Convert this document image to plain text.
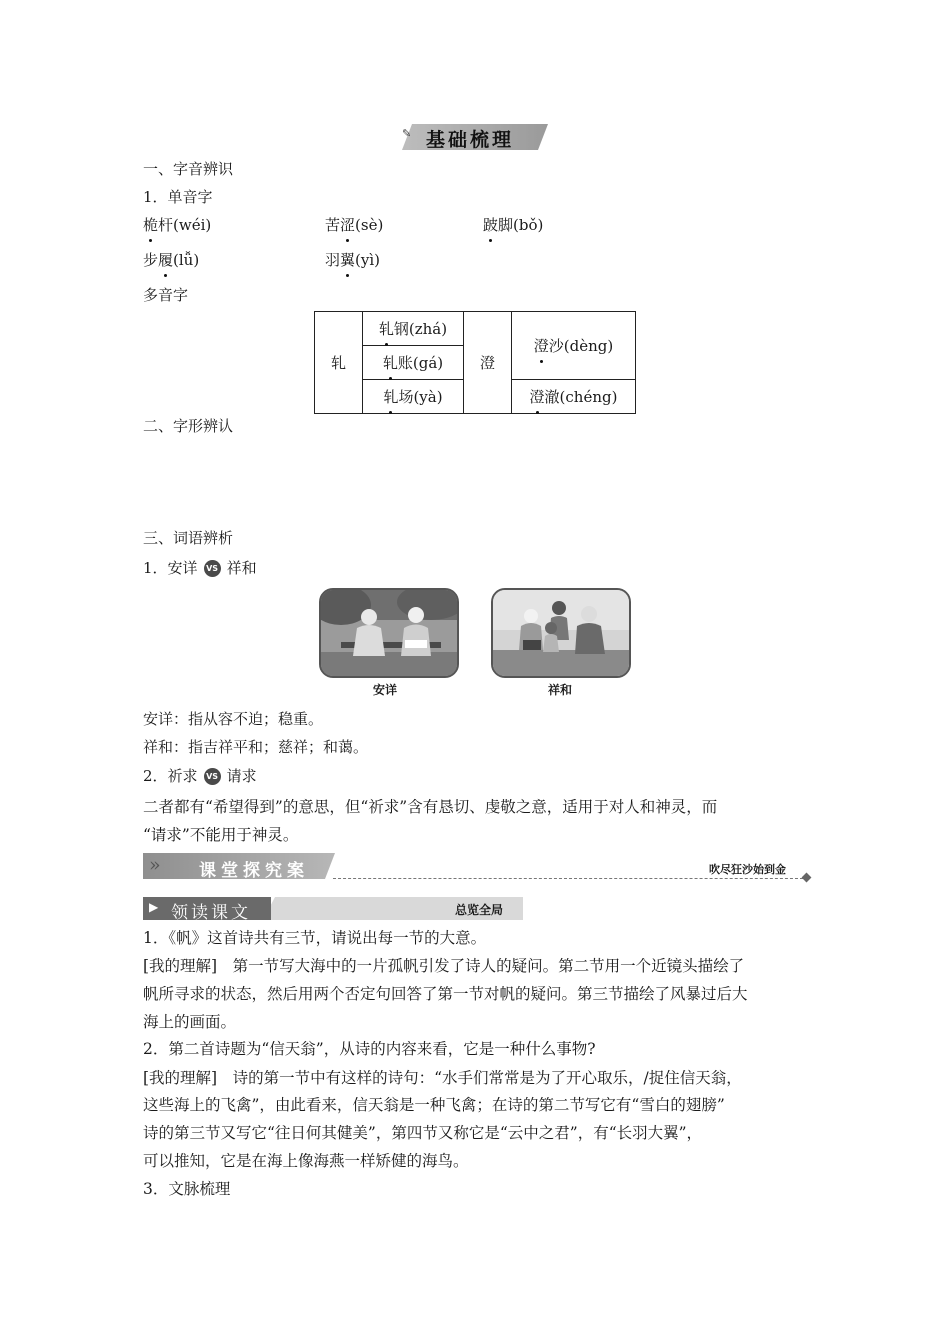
✎ 基础梳理
一、字音辨识
1．单音字
桅杆(wéi)	苦涩(sè)	跛脚(bǒ)
步履(lǚ)	羽翼(yì)
多音字
轧	轧钢(zhá)	澄	澄沙(dèng)
	轧账(gá)		
	轧场(yà)		澄澈(chéng)
二、字形辨认
三、词语辨析
1．安详 VS 祥和
安详	祥和
安详：指从容不迫；稳重。
祥和：指吉祥平和；慈祥；和蔼。
2．祈求 VS 请求
二者都有“希望得到”的意思，但“祈求”含有恳切、虔敬之意，适用于对人和神灵，而
“请求”不能用于神灵。
» 课堂探究案	吹尽狂沙始到金
▶ 领读课文	总览全局
1．《帆》这首诗共有三节，请说出每一节的大意。
[我的理解]　第一节写大海中的一片孤帆引发了诗人的疑问。第二节用一个近镜头描绘了
帆所寻求的状态，然后用两个否定句回答了第一节对帆的疑问。第三节描绘了风暴过后大
海上的画面。
2．第二首诗题为“信天翁”，从诗的内容来看，它是一种什么事物?
[我的理解]　诗的第一节中有这样的诗句：“水手们常常是为了开心取乐，/捉住信天翁，
这些海上的飞禽”，由此看来，信天翁是一种飞禽；在诗的第二节写它有“雪白的翅膀”
诗的第三节又写它“往日何其健美”，第四节又称它是“云中之君”，有“长羽大翼”，
可以推知，它是在海上像海燕一样矫健的海鸟。
3．文脉梳理
